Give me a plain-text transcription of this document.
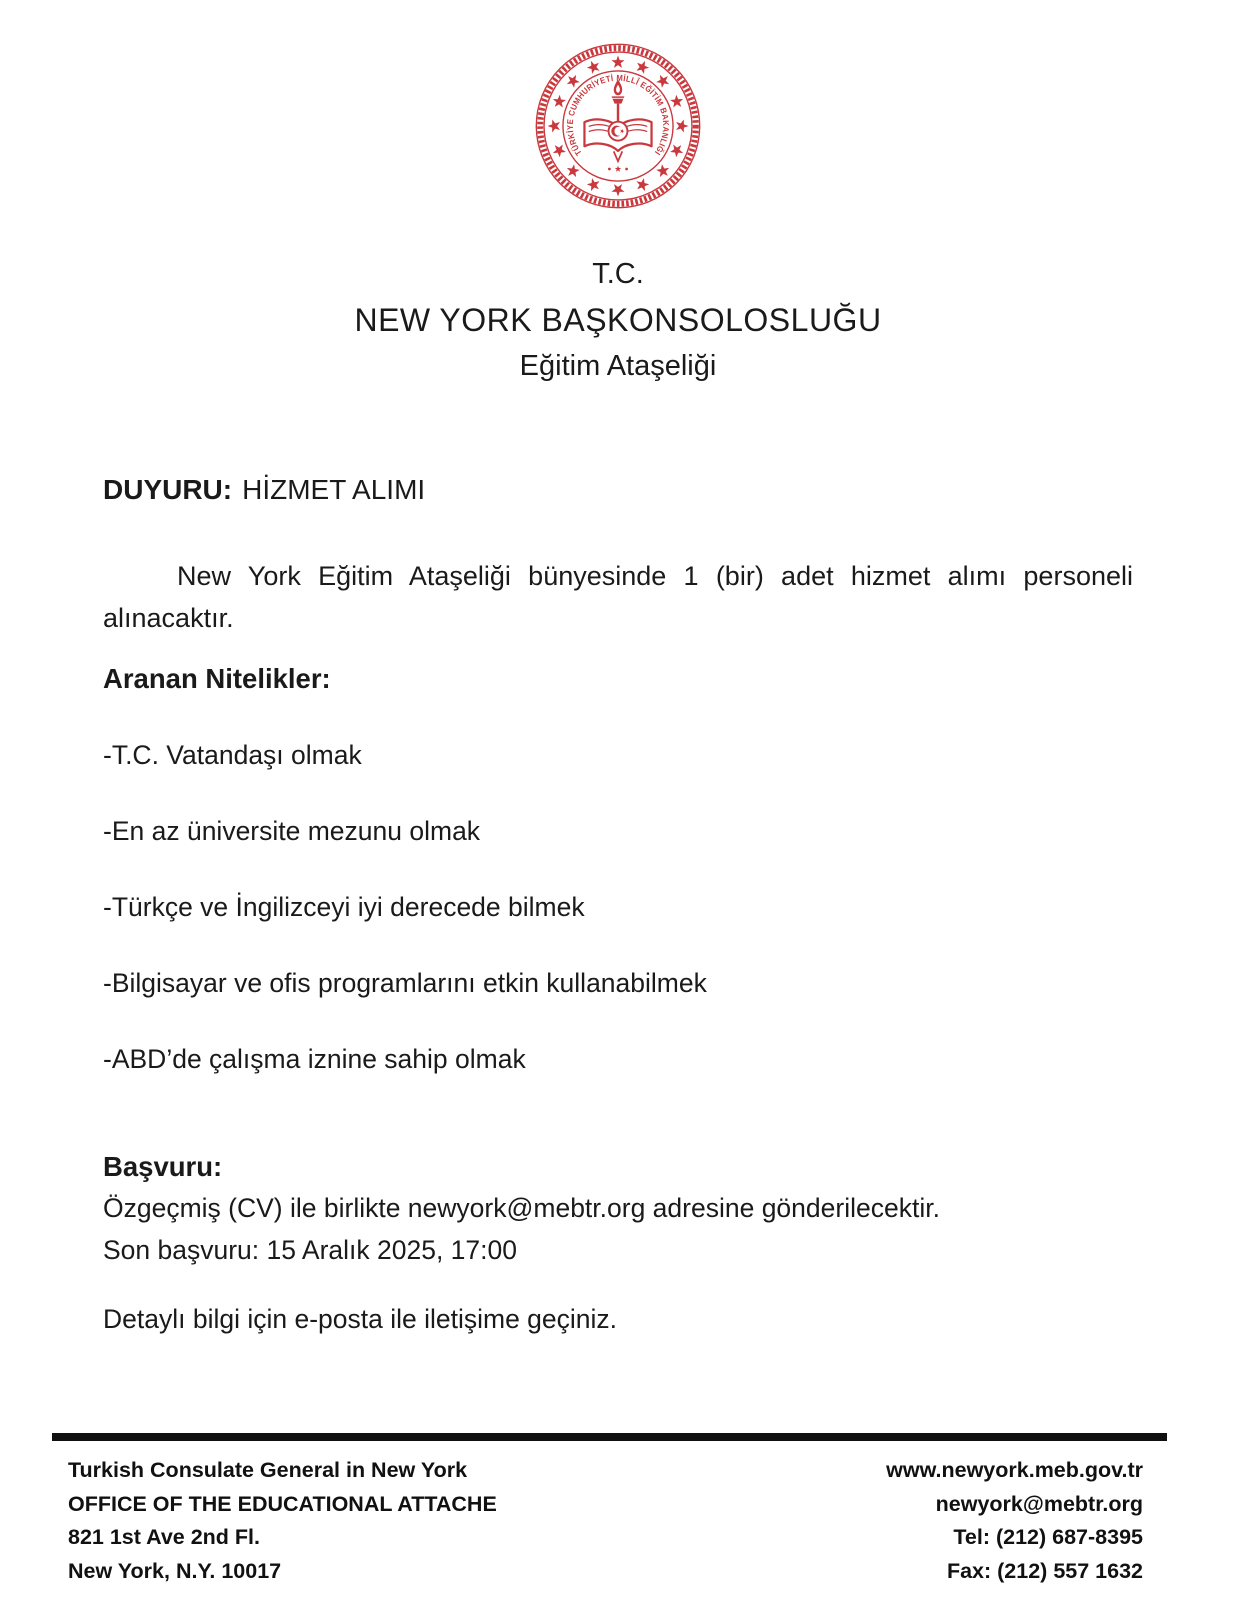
TÜRKİYE CUMHURİYETİ MİLLÎ EĞİTİM BAKANLIĞI
T.C.
NEW YORK BAŞKONSOLOSLUĞU
Eğitim Ataşeliği

DUYURU: HİZMET ALIMI

New York Eğitim Ataşeliği bünyesinde 1 (bir) adet hizmet alımı personeli alınacaktır.

Aranan Nitelikler:

-T.C. Vatandaşı olmak

-En az üniversite mezunu olmak

-Türkçe ve İngilizceyi iyi derecede bilmek

-Bilgisayar ve ofis programlarını etkin kullanabilmek

-ABD’de çalışma iznine sahip olmak

Başvuru:

Özgeçmiş (CV) ile birlikte newyork@mebtr.org adresine gönderilecektir.

Son başvuru: 15 Aralık 2025, 17:00

Detaylı bilgi için e-posta ile iletişime geçiniz.

Turkish Consulate General in New York
OFFICE OF THE EDUCATIONAL ATTACHE
821 1st Ave 2nd Fl.
New York, N.Y. 10017
www.newyork.meb.gov.tr
newyork@mebtr.org
Tel: (212) 687-8395
Fax: (212) 557 1632
